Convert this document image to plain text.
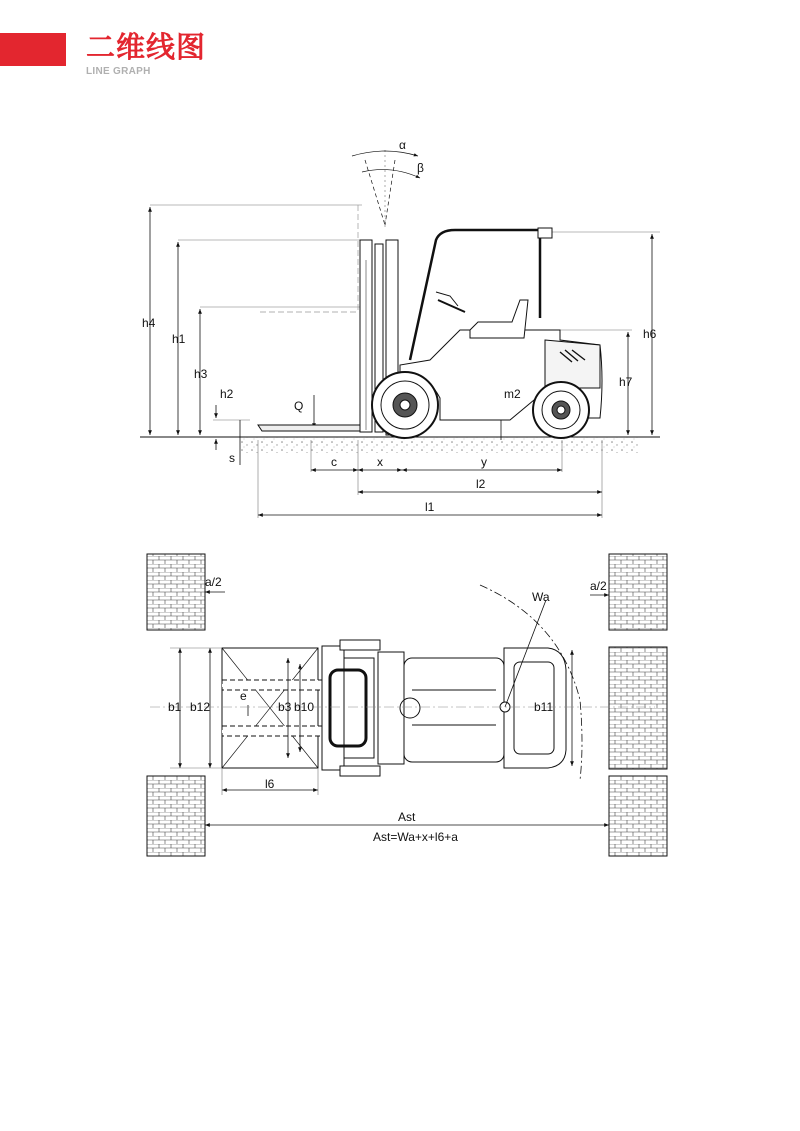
二维线图

LINE GRAPH

α
β
h4
h1
h3
h2
Q
s
m2
h6
h7
c	x	y
l2
l1
a/2	a/2
Wa
b1 b12
e
b3 b10	b11
l6
Ast
Ast=Wa+x+l6+a
